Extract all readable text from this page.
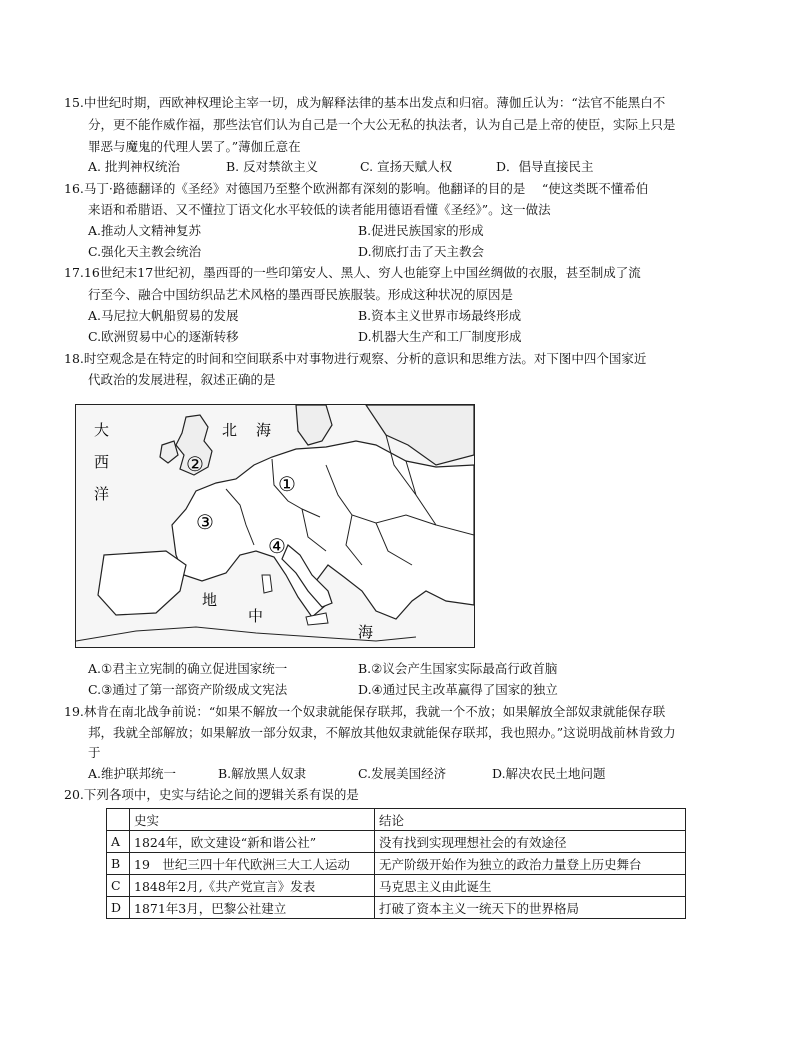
15.中世纪时期，西欧神权理论主宰一切，成为解释法律的基本出发点和归宿。薄伽丘认为：“法官不能黑白不
分，更不能作威作福，那些法官们认为自己是一个大公无私的执法者，认为自己是上帝的使臣，实际上只是
罪恶与魔鬼的代理人罢了。”薄伽丘意在
A. 批判神权统治	B. 反对禁欲主义	C. 宣扬天赋人权	D．倡导直接民主
16.马丁·路德翻译的《圣经》对德国乃至整个欧洲都有深刻的影响。他翻译的目的是　 “使这类既不懂希伯
来语和希腊语、又不懂拉丁语文化水平较低的读者能用德语看懂《圣经》”。这一做法
A.推动人文精神复苏	B.促进民族国家的形成
C.强化天主教会统治	D.彻底打击了天主教会
17.16世纪末17世纪初，墨西哥的一些印第安人、黑人、穷人也能穿上中国丝绸做的衣服，甚至制成了流
行至今、融合中国纺织品艺术风格的墨西哥民族服装。形成这种状况的原因是
A.马尼拉大帆船贸易的发展	B.资本主义世界市场最终形成
C.欧洲贸易中心的逐渐转移	D.机器大生产和工厂制度形成
18.时空观念是在特定的时间和空间联系中对事物进行观察、分析的意识和思维方法。对下图中四个国家近
代政治的发展进程，叙述正确的是
大
西
洋
北 海
地
中
海
①
②
③
④
A.①君主立宪制的确立促进国家统一	B.②议会产生国家实际最高行政首脑
C.③通过了第一部资产阶级成文宪法	D.④通过民主改革赢得了国家的独立
19.林肯在南北战争前说：“如果不解放一个奴隶就能保存联邦，我就一个不放；如果解放全部奴隶就能保存联
邦，我就全部解放；如果解放一部分奴隶，不解放其他奴隶就能保存联邦，我也照办。”这说明战前林肯致力
于
A.维护联邦统一	B.解放黑人奴隶	C.发展美国经济	D.解决农民土地问题
20.下列各项中，史实与结论之间的逻辑关系有误的是
	史实	结论
A	1824年，欧文建设“新和谐公社”	没有找到实现理想社会的有效途径
B	19　世纪三四十年代欧洲三大工人运动	无产阶级开始作为独立的政治力量登上历史舞台
C	1848年2月,《共产党宣言》发表	马克思主义由此诞生
D	1871年3月，巴黎公社建立	打破了资本主义一统天下的世界格局
